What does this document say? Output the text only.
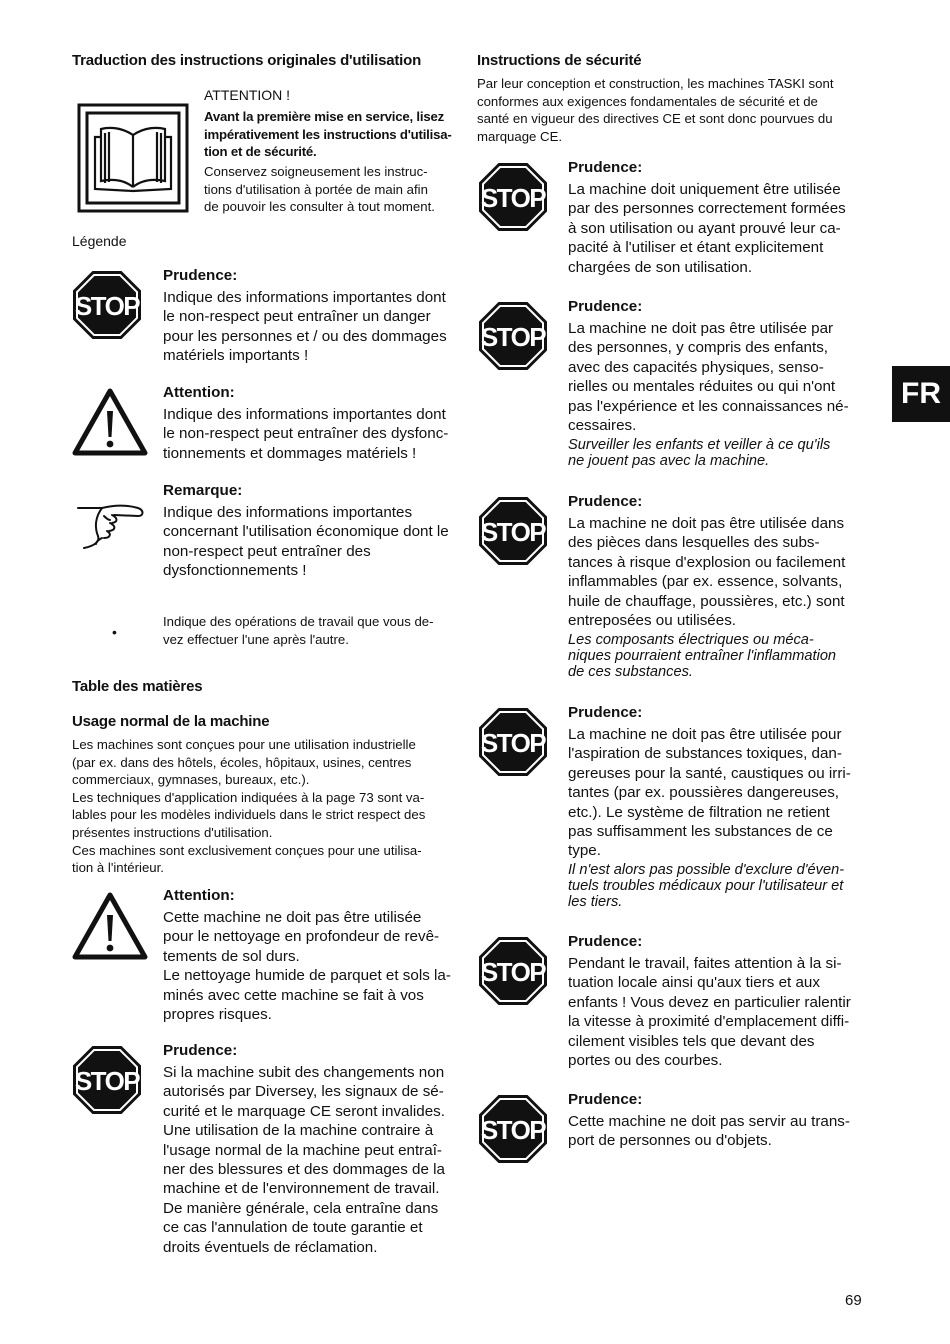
Traduction des instructions originales d'utilisation
ATTENTION !
Avant la première mise en service, lisez
impérativement les instructions d'utilisa-
tion et de sécurité.
Conservez soigneusement les instruc-
tions d'utilisation à portée de main afin
de pouvoir les consulter à tout moment.
Légende
STOP
Prudence:
Indique des informations importantes dont
le non-respect peut entraîner un danger
pour les personnes et / ou des dommages
matériels importants !
Attention:
Indique des informations importantes dont
le non-respect peut entraîner des dysfonc-
tionnements et dommages matériels !
Remarque:
Indique des informations importantes
concernant l'utilisation économique dont le
non-respect peut entraîner des
dysfonctionnements !
•
Indique des opérations de travail que vous de-
vez effectuer l'une après l'autre.
Table des matières
Usage normal de la machine
Les machines sont conçues pour une utilisation industrielle
(par ex. dans des hôtels, écoles, hôpitaux, usines, centres
commerciaux, gymnases, bureaux, etc.).
Les techniques d'application indiquées à la page 73 sont va-
lables pour les modèles individuels dans le strict respect des
présentes instructions d'utilisation.
Ces machines sont exclusivement conçues pour une utilisa-
tion à l'intérieur.
Attention:
Cette machine ne doit pas être utilisée
pour le nettoyage en profondeur de revê-
tements de sol durs.
Le nettoyage humide de parquet et sols la-
minés avec cette machine se fait à vos
propres risques.
STOP
Prudence:
Si la machine subit des changements non
autorisés par Diversey, les signaux de sé-
curité et le marquage CE seront invalides.
Une utilisation de la machine contraire à
l'usage normal de la machine peut entraî-
ner des blessures et des dommages de la
machine et de l'environnement de travail.
De manière générale, cela entraîne dans
ce cas l'annulation de toute garantie et
droits éventuels de réclamation.
Instructions de sécurité
Par leur conception et construction, les machines TASKI sont
conformes aux exigences fondamentales de sécurité et de
santé en vigueur des directives CE et sont donc pourvues du
marquage CE.
STOP
Prudence:
La machine doit uniquement être utilisée
par des personnes correctement formées
à son utilisation ou ayant prouvé leur ca-
pacité à l'utiliser et étant explicitement
chargées de son utilisation.
STOP
Prudence:
La machine ne doit pas être utilisée par
des personnes, y compris des enfants,
avec des capacités physiques, senso-
rielles ou mentales réduites ou qui n'ont
pas l'expérience et les connaissances né-
cessaires.
Surveiller les enfants et veiller à ce qu'ils
ne jouent pas avec la machine.
STOP
Prudence:
La machine ne doit pas être utilisée dans
des pièces dans lesquelles des subs-
tances à risque d'explosion ou facilement
inflammables (par ex. essence, solvants,
huile de chauffage, poussières, etc.) sont
entreposées ou utilisées.
Les composants électriques ou méca-
niques pourraient entraîner l'inflammation
de ces substances.
STOP
Prudence:
La machine ne doit pas être utilisée pour
l'aspiration de substances toxiques, dan-
gereuses pour la santé, caustiques ou irri-
tantes (par ex. poussières dangereuses,
etc.). Le système de filtration ne retient
pas suffisamment les substances de ce
type.
Il n'est alors pas possible d'exclure d'éven-
tuels troubles médicaux pour l'utilisateur et
les tiers.
STOP
Prudence:
Pendant le travail, faites attention à la si-
tuation locale ainsi qu'aux tiers et aux
enfants ! Vous devez en particulier ralentir
la vitesse à proximité d'emplacement diffi-
cilement visibles tels que devant des
portes ou des courbes.
STOP
Prudence:
Cette machine ne doit pas servir au trans-
port de personnes ou d'objets.
FR
69
